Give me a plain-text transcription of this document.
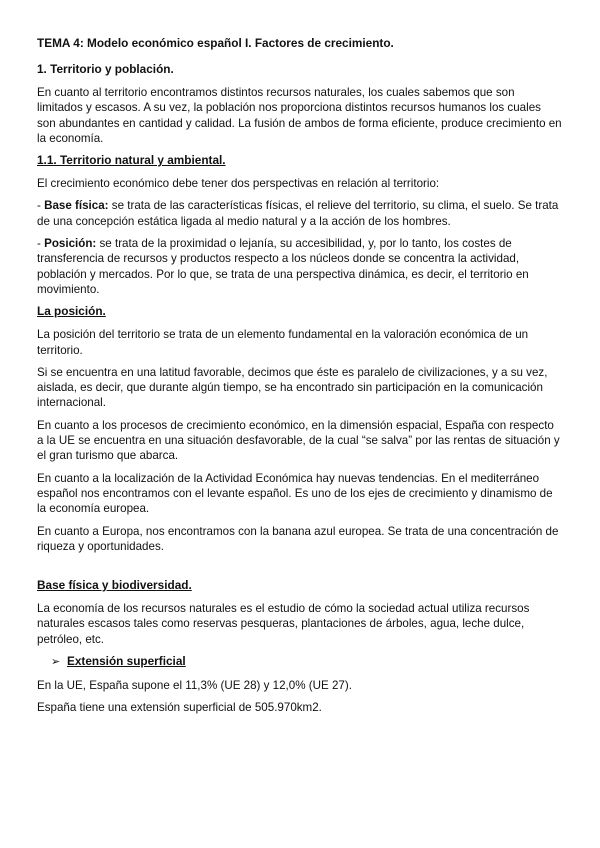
TEMA 4: Modelo económico español I. Factores de crecimiento.
1. Territorio y población.

En cuanto al territorio encontramos distintos recursos naturales, los cuales sabemos que son limitados y escasos. A su vez, la población nos proporciona distintos recursos humanos los cuales son abundantes en cantidad y calidad. La fusión de ambos de forma eficiente, produce crecimiento en la economía.

1.1. Territorio natural y ambiental.

El crecimiento económico debe tener dos perspectivas en relación al territorio:

- Base física: se trata de las características físicas, el relieve del territorio, su clima, el suelo. Se trata de una concepción estática ligada al medio natural y a la acción de los hombres.

- Posición: se trata de la proximidad o lejanía, su accesibilidad, y, por lo tanto, los costes de transferencia de recursos y productos respecto a los núcleos donde se concentra la actividad, población y mercados. Por lo que, se trata de una perspectiva dinámica, es decir, el territorio en movimiento.

La posición.

La posición del territorio se trata de un elemento fundamental en la valoración económica de un territorio.

Si se encuentra en una latitud favorable, decimos que éste es paralelo de civilizaciones, y a su vez, aislada, es decir, que durante algún tiempo, se ha encontrado sin participación en la comunicación internacional.

En cuanto a los procesos de crecimiento económico, en la dimensión espacial, España con respecto a la UE se encuentra en una situación desfavorable, de la cual “se salva” por las rentas de situación y el gran turismo que abarca.

En cuanto a la localización de la Actividad Económica hay nuevas tendencias. En el mediterráneo español nos encontramos con el levante español. Es uno de los ejes de crecimiento y dinamismo de la economía europea.

En cuanto a Europa, nos encontramos con la banana azul europea. Se trata de una concentración de riqueza y oportunidades.

Base física y biodiversidad.

La economía de los recursos naturales es el estudio de cómo la sociedad actual utiliza recursos naturales escasos tales como reservas pesqueras, plantaciones de árboles, agua, leche dulce, petróleo, etc.

➢ Extensión superficial

En la UE, España supone el 11,3% (UE 28) y 12,0% (UE 27).

España tiene una extensión superficial de 505.970km2.
